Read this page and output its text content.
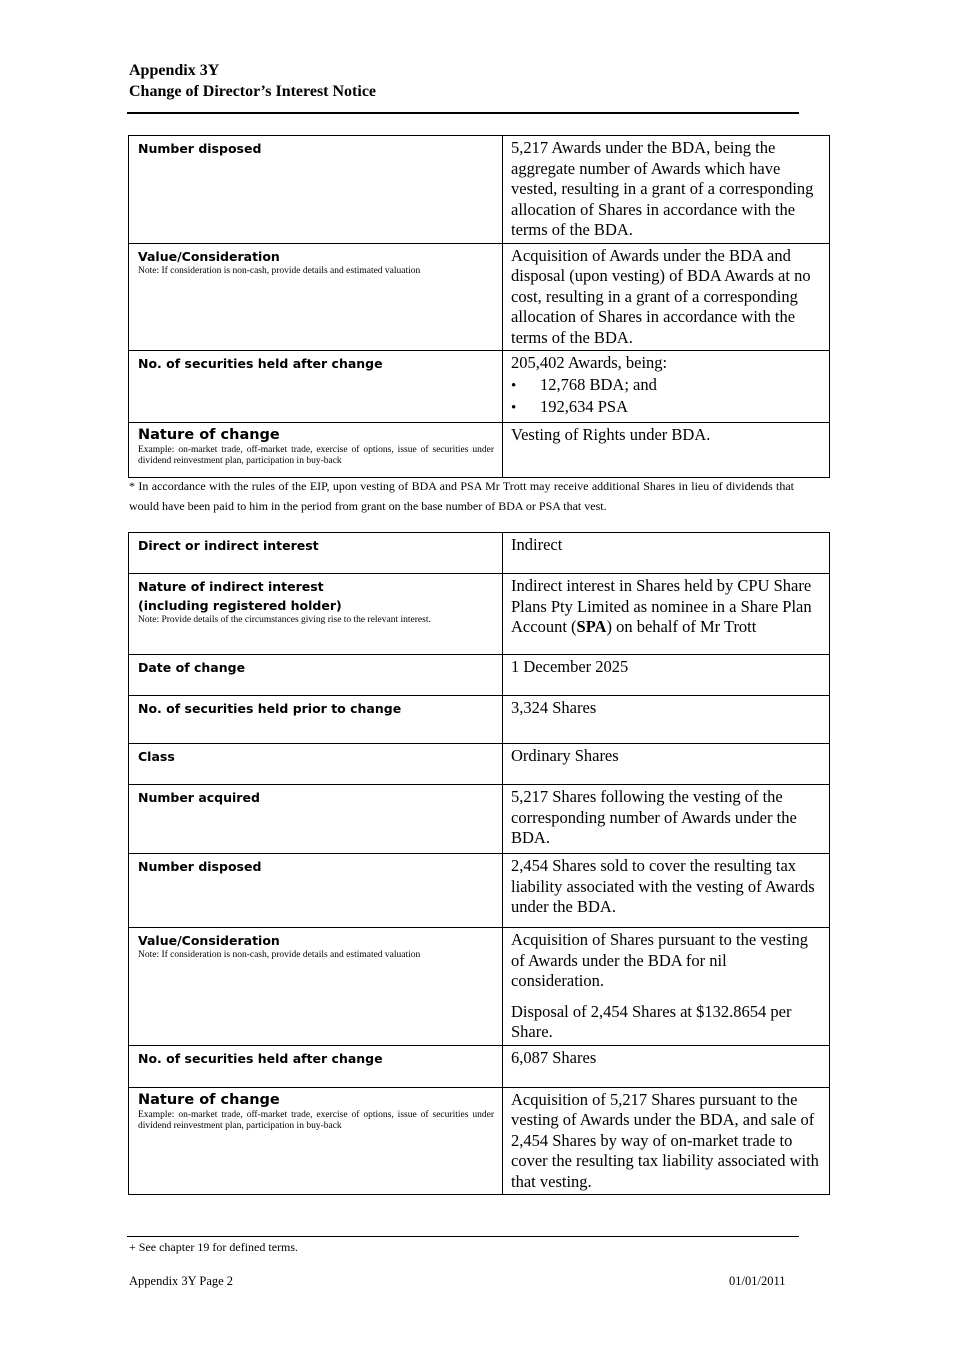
Appendix 3Y
Change of Director’s Interest Notice
Number disposed	5,217 Awards under the BDA, being the aggregate number of Awards which have vested, resulting in a grant of a corresponding allocation of Shares in accordance with the terms of the BDA.

Value/Consideration
Note: If consideration is non-cash, provide details and estimated valuation	Acquisition of Awards under the BDA and disposal (upon vesting) of BDA Awards at no cost, resulting in a grant of a corresponding allocation of Shares in accordance with the terms of the BDA.

No. of securities held after change	205,402 Awards, being:
• 12,768 BDA; and
• 192,634 PSA

Nature of change
Example: on-market trade, off-market trade, exercise of options, issue of securities under dividend reinvestment plan, participation in buy-back	Vesting of Rights under BDA.
* In accordance with the rules of the EIP, upon vesting of BDA and PSA Mr Trott may receive additional Shares in lieu of dividends that would have been paid to him in the period from grant on the base number of BDA or PSA that vest.
Direct or indirect interest	Indirect

Nature of indirect interest
(including registered holder)
Note: Provide details of the circumstances giving rise to the relevant interest.	Indirect interest in Shares held by CPU Share Plans Pty Limited as nominee in a Share Plan Account (SPA) on behalf of Mr Trott

Date of change	1 December 2025

No. of securities held prior to change	3,324 Shares

Class	Ordinary Shares

Number acquired	5,217 Shares following the vesting of the corresponding number of Awards under the BDA.

Number disposed	2,454 Shares sold to cover the resulting tax liability associated with the vesting of Awards under the BDA.

Value/Consideration
Note: If consideration is non-cash, provide details and estimated valuation	Acquisition of Shares pursuant to the vesting of Awards under the BDA for nil consideration.
Disposal of 2,454 Shares at $132.8654 per Share.

No. of securities held after change	6,087 Shares

Nature of change
Example: on-market trade, off-market trade, exercise of options, issue of securities under dividend reinvestment plan, participation in buy-back	Acquisition of 5,217 Shares pursuant to the vesting of Awards under the BDA, and sale of 2,454 Shares by way of on-market trade to cover the resulting tax liability associated with that vesting.
+ See chapter 19 for defined terms.
Appendix 3Y Page 2	01/01/2011
